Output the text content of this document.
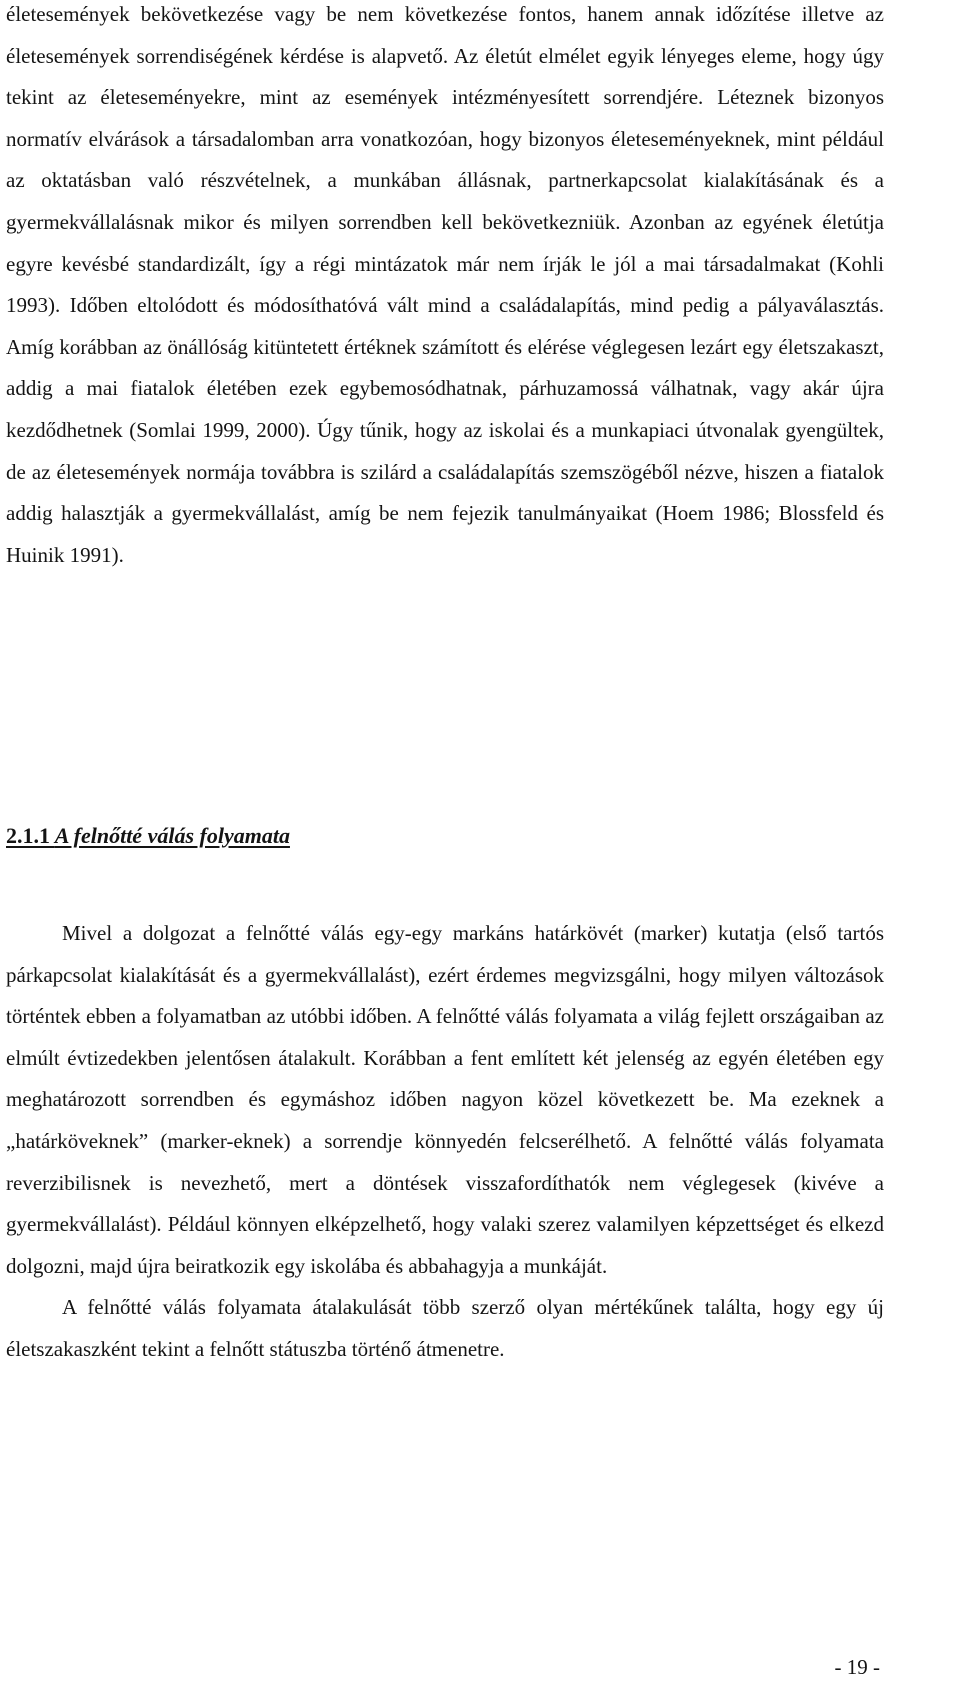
életesemények bekövetkezése vagy be nem következése fontos, hanem annak időzítése illetve az életesemények sorrendiségének kérdése is alapvető. Az életút elmélet egyik lényeges eleme, hogy úgy tekint az életeseményekre, mint az események intézményesített sorrendjére. Léteznek bizonyos normatív elvárások a társadalomban arra vonatkozóan, hogy bizonyos életeseményeknek, mint például az oktatásban való részvételnek, a munkában állásnak, partnerkapcsolat kialakításának és a gyermekvállalásnak mikor és milyen sorrendben kell bekövetkezniük. Azonban az egyének életútja egyre kevésbé standardizált, így a régi mintázatok már nem írják le jól a mai társadalmakat (Kohli 1993). Időben eltolódott és módosíthatóvá vált mind a családalapítás, mind pedig a pályaválasztás. Amíg korábban az önállóság kitüntetett értéknek számított és elérése véglegesen lezárt egy életszakaszt, addig a mai fiatalok életében ezek egybemosódhatnak, párhuzamossá válhatnak, vagy akár újra kezdődhetnek (Somlai 1999, 2000). Úgy tűnik, hogy az iskolai és a munkapiaci útvonalak gyengültek, de az életesemények normája továbbra is szilárd a családalapítás szemszögéből nézve, hiszen a fiatalok addig halasztják a gyermekvállalást, amíg be nem fejezik tanulmányaikat (Hoem 1986; Blossfeld és Huinik 1991).

2.1.1 A felnőtté válás folyamata

Mivel a dolgozat a felnőtté válás egy-egy markáns határkövét (marker) kutatja (első tartós párkapcsolat kialakítását és a gyermekvállalást), ezért érdemes megvizsgálni, hogy milyen változások történtek ebben a folyamatban az utóbbi időben. A felnőtté válás folyamata a világ fejlett országaiban az elmúlt évtizedekben jelentősen átalakult. Korábban a fent említett két jelenség az egyén életében egy meghatározott sorrendben és egymáshoz időben nagyon közel következett be. Ma ezeknek a „határköveknek” (marker-eknek) a sorrendje könnyedén felcserélhető. A felnőtté válás folyamata reverzibilisnek is nevezhető, mert a döntések visszafordíthatók nem véglegesek (kivéve a gyermekvállalást). Például könnyen elképzelhető, hogy valaki szerez valamilyen képzettséget és elkezd dolgozni, majd újra beiratkozik egy iskolába és abbahagyja a munkáját.

A felnőtté válás folyamata átalakulását több szerző olyan mértékűnek találta, hogy egy új életszakaszként tekint a felnőtt státuszba történő átmenetre.

- 19 -
